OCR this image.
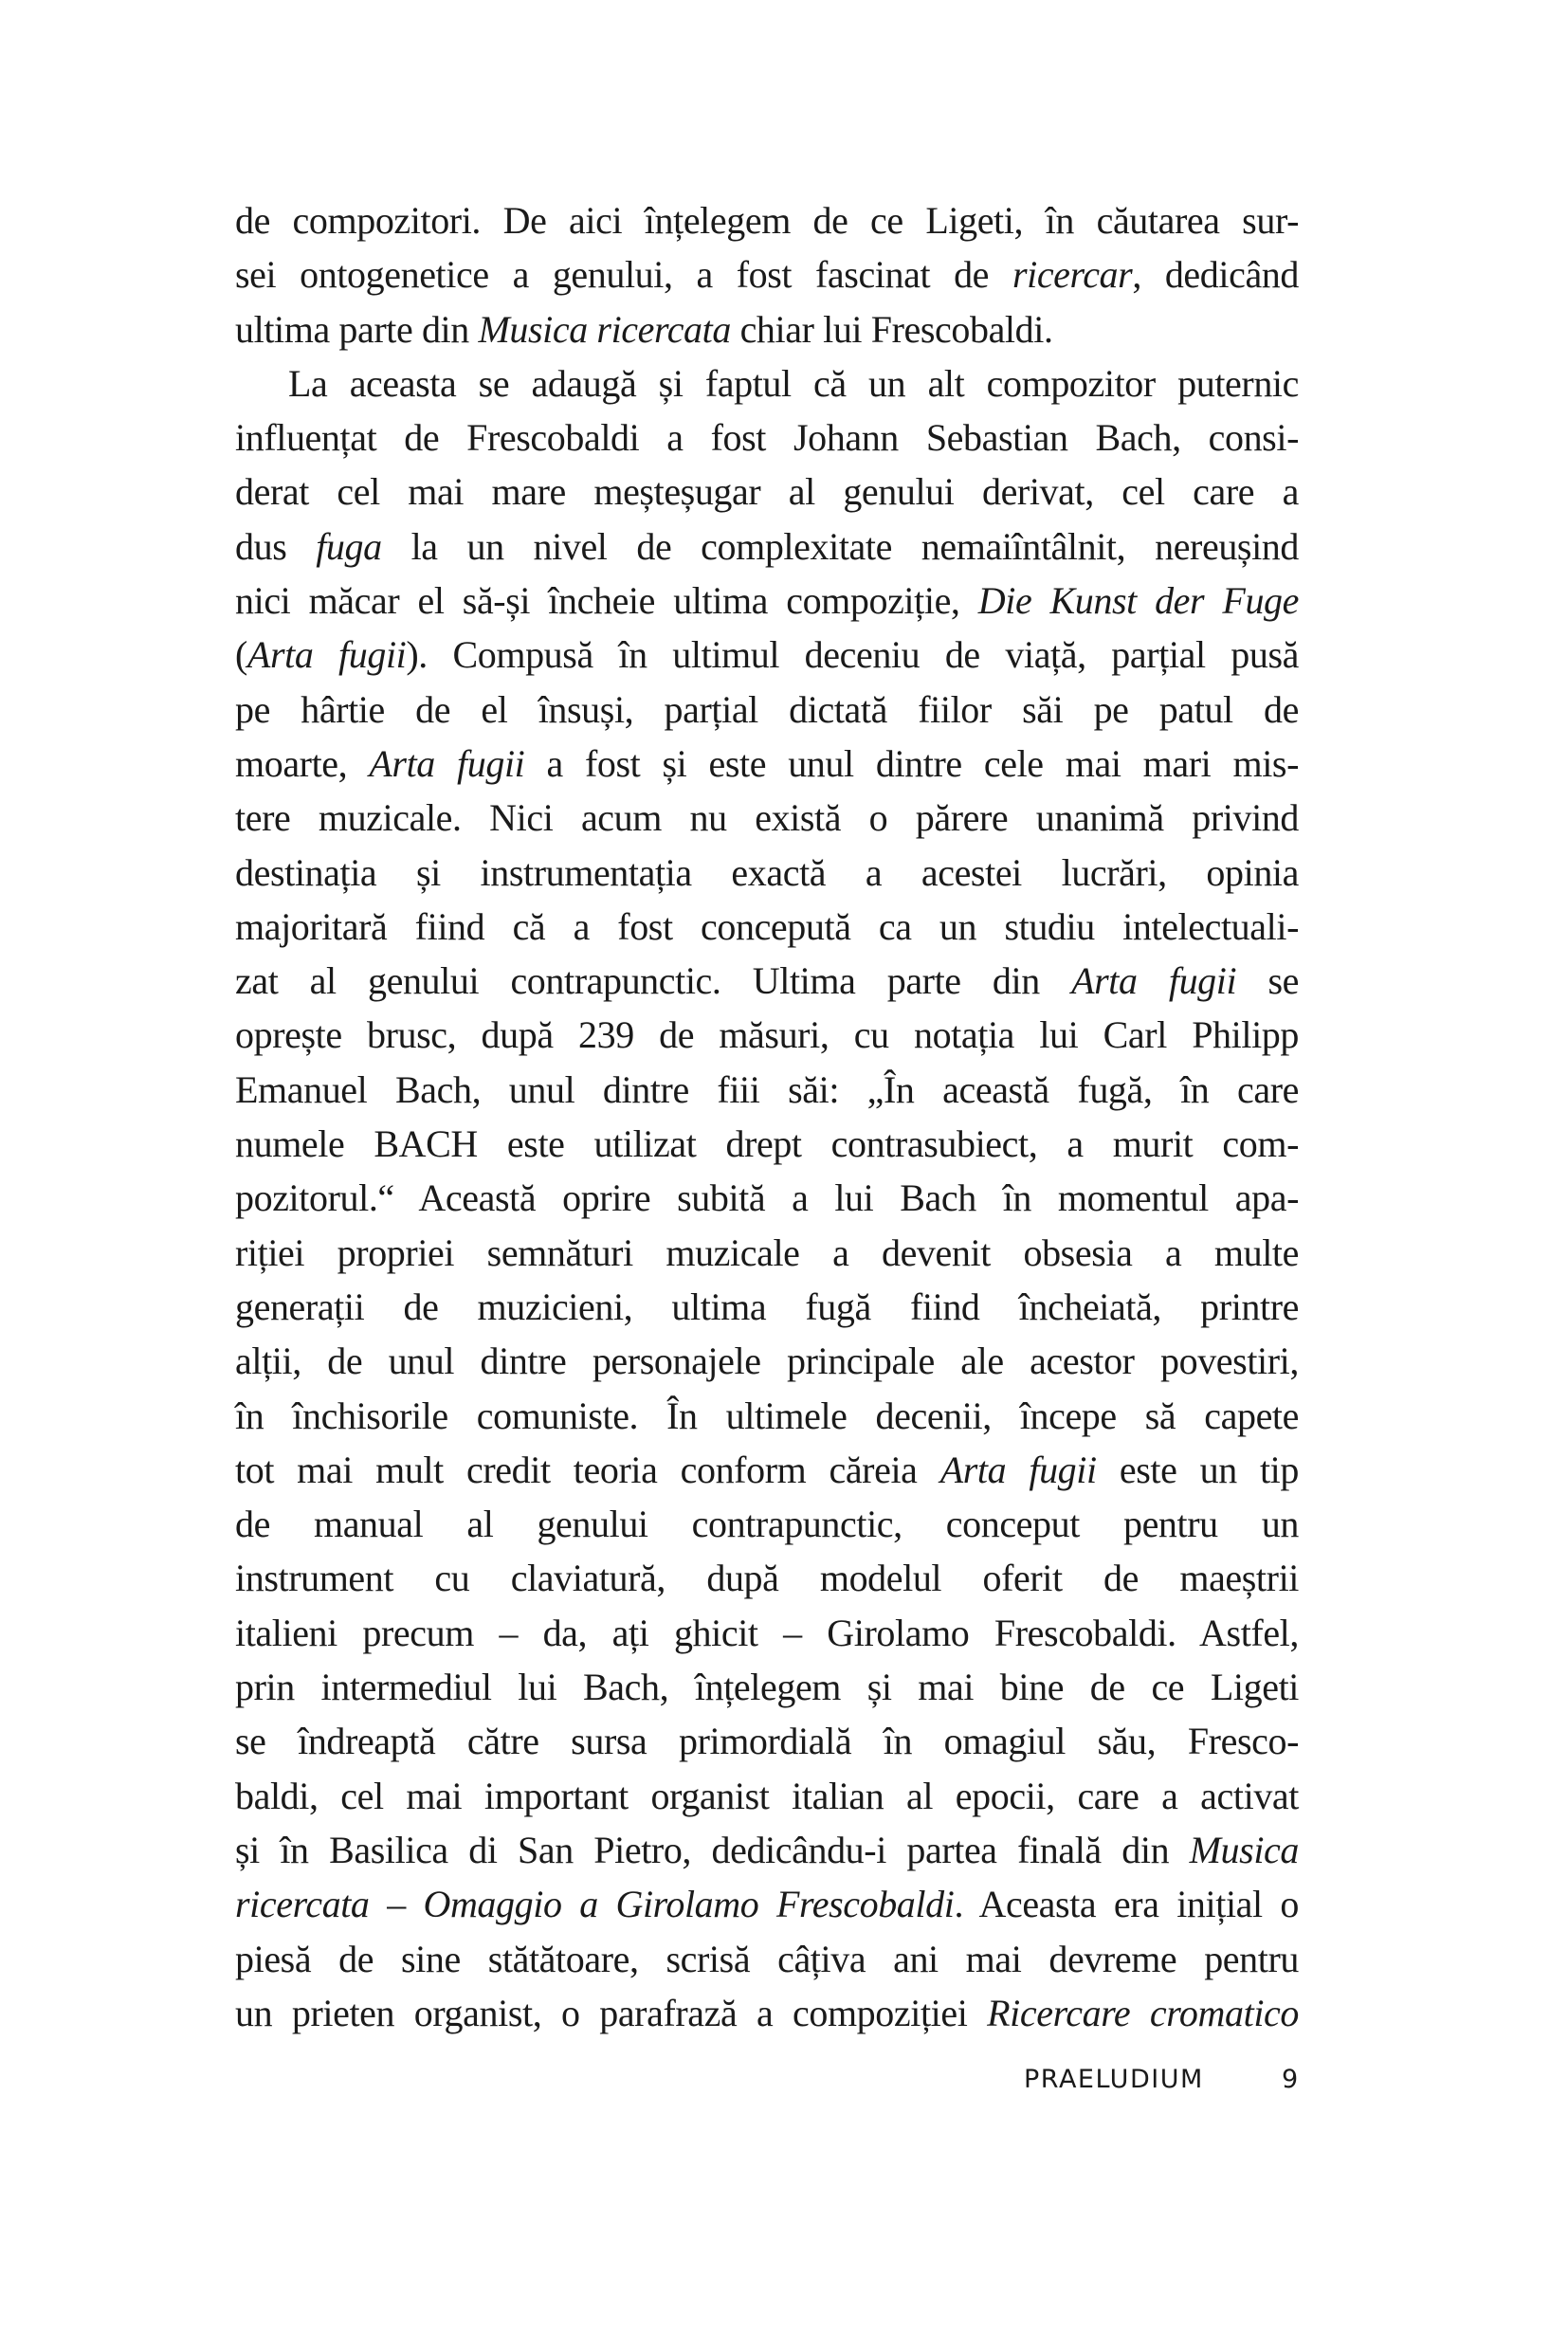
de compozitori. De aici înțelegem de ce Ligeti, în căutarea sur-
sei ontogenetice a genului, a fost fascinat de ricercar, dedicând
ultima parte din Musica ricercata chiar lui Frescobaldi.
La aceasta se adaugă și faptul că un alt compozitor puternic
influențat de Frescobaldi a fost Johann Sebastian Bach, consi-
derat cel mai mare meșteșugar al genului derivat, cel care a
dus fuga la un nivel de complexitate nemaiîntâlnit, nereușind
nici măcar el să-și încheie ultima compoziție, Die Kunst der Fuge
(Arta fugii). Compusă în ultimul deceniu de viață, parțial pusă
pe hârtie de el însuși, parțial dictată fiilor săi pe patul de
moarte, Arta fugii a fost și este unul dintre cele mai mari mis-
tere muzicale. Nici acum nu există o părere unanimă privind
destinația și instrumentația exactă a acestei lucrări, opinia
majoritară fiind că a fost concepută ca un studiu intelectuali-
zat al genului contrapunctic. Ultima parte din Arta fugii se
oprește brusc, după 239 de măsuri, cu notația lui Carl Philipp
Emanuel Bach, unul dintre fiii săi: „În această fugă, în care
numele BACH este utilizat drept contrasubiect, a murit com-
pozitorul.“ Această oprire subită a lui Bach în momentul apa-
riției propriei semnături muzicale a devenit obsesia a multe
generații de muzicieni, ultima fugă fiind încheiată, printre
alții, de unul dintre personajele principale ale acestor povestiri,
în închisorile comuniste. În ultimele decenii, începe să capete
tot mai mult credit teoria conform căreia Arta fugii este un tip
de manual al genului contrapunctic, conceput pentru un
instrument cu claviatură, după modelul oferit de maeștrii
italieni precum – da, ați ghicit – Girolamo Frescobaldi. Astfel,
prin intermediul lui Bach, înțelegem și mai bine de ce Ligeti
se îndreaptă către sursa primordială în omagiul său, Fresco-
baldi, cel mai important organist italian al epocii, care a activat
și în Basilica di San Pietro, dedicându-i partea finală din Musica
ricercata – Omaggio a Girolamo Frescobaldi. Aceasta era inițial o
piesă de sine stătătoare, scrisă câțiva ani mai devreme pentru
un prieten organist, o parafrază a compoziției Ricercare cromatico
PRAELUDIUM	9
